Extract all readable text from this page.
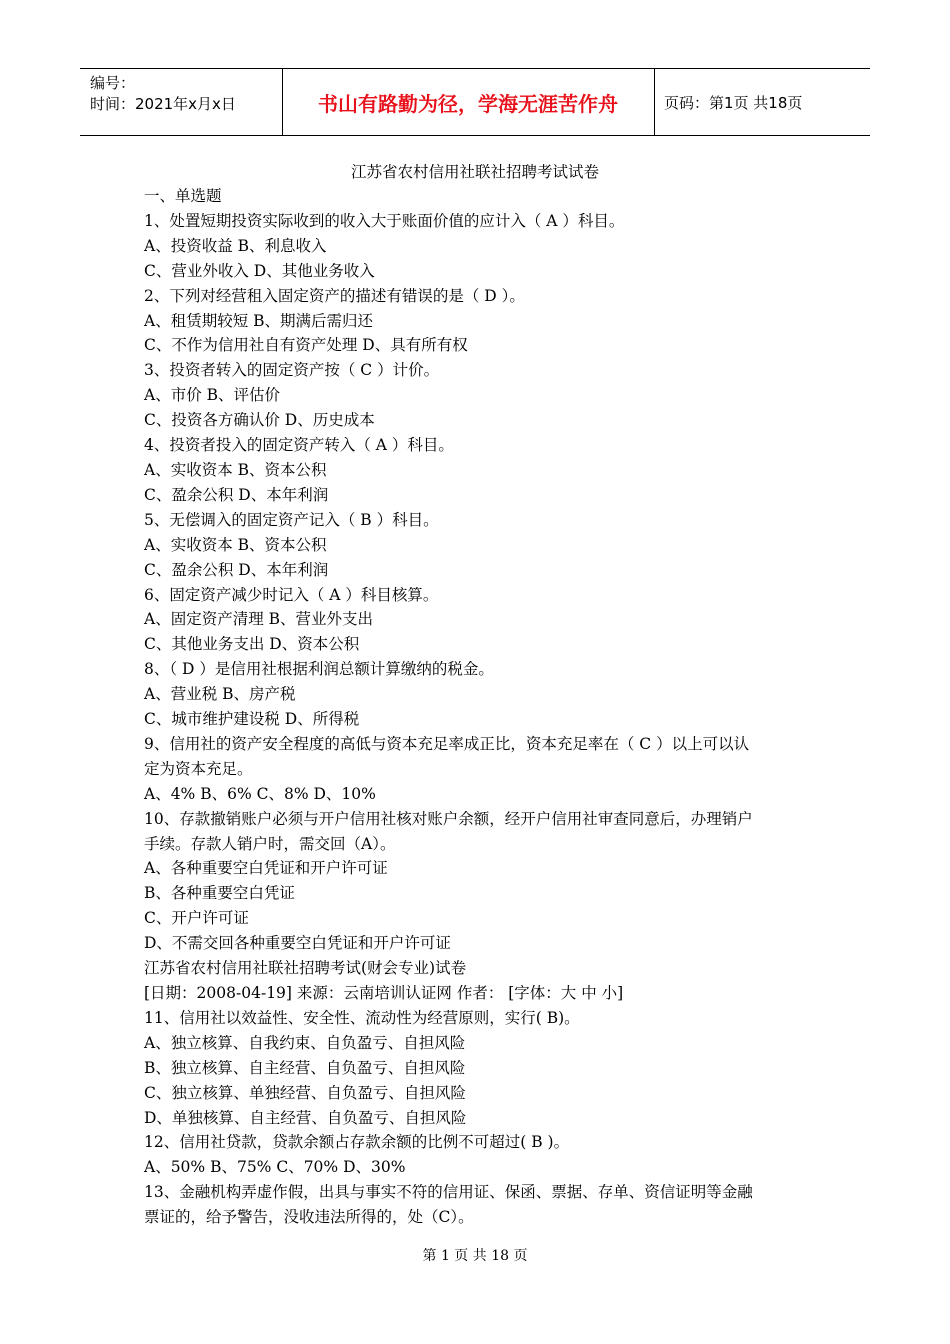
编号：
时间：2021年x月x日	书山有路勤为径，学海无涯苦作舟	页码：第1页 共18页
江苏省农村信用社联社招聘考试试卷
一、单选题
1、处置短期投资实际收到的收入大于账面价值的应计入（ A ）科目。
A、投资收益 B、利息收入
C、营业外收入 D、其他业务收入
2、下列对经营租入固定资产的描述有错误的是（ D ）。
A、租赁期较短 B、期满后需归还
C、不作为信用社自有资产处理 D、具有所有权
3、投资者转入的固定资产按（ C ）计价。
A、市价 B、评估价
C、投资各方确认价 D、历史成本
4、投资者投入的固定资产转入（ A ）科目。
A、实收资本 B、资本公积
C、盈余公积 D、本年利润
5、无偿调入的固定资产记入（ B ）科目。
A、实收资本 B、资本公积
C、盈余公积 D、本年利润
6、固定资产减少时记入（ A ）科目核算。
A、固定资产清理 B、营业外支出
C、其他业务支出 D、资本公积
8、（ D ）是信用社根据利润总额计算缴纳的税金。
A、营业税 B、房产税
C、城市维护建设税 D、所得税
9、信用社的资产安全程度的高低与资本充足率成正比，资本充足率在（ C ）以上可以认
定为资本充足。
A、4% B、6% C、8% D、10%
10、存款撤销账户必须与开户信用社核对账户余额，经开户信用社审查同意后，办理销户
手续。存款人销户时，需交回（A）。
A、各种重要空白凭证和开户许可证
B、各种重要空白凭证
C、开户许可证
D、不需交回各种重要空白凭证和开户许可证
江苏省农村信用社联社招聘考试(财会专业)试卷
[日期：2008-04-19] 来源：云南培训认证网 作者： [字体：大 中 小]
11、信用社以效益性、安全性、流动性为经营原则，实行( B)。
A、独立核算、自我约束、自负盈亏、自担风险
B、独立核算、自主经营、自负盈亏、自担风险
C、独立核算、单独经营、自负盈亏、自担风险
D、单独核算、自主经营、自负盈亏、自担风险
12、信用社贷款，贷款余额占存款余额的比例不可超过( B )。
A、50% B、75% C、70% D、30%
13、金融机构弄虚作假，出具与事实不符的信用证、保函、票据、存单、资信证明等金融
票证的，给予警告，没收违法所得的，处（C）。
第 1 页 共 18 页
